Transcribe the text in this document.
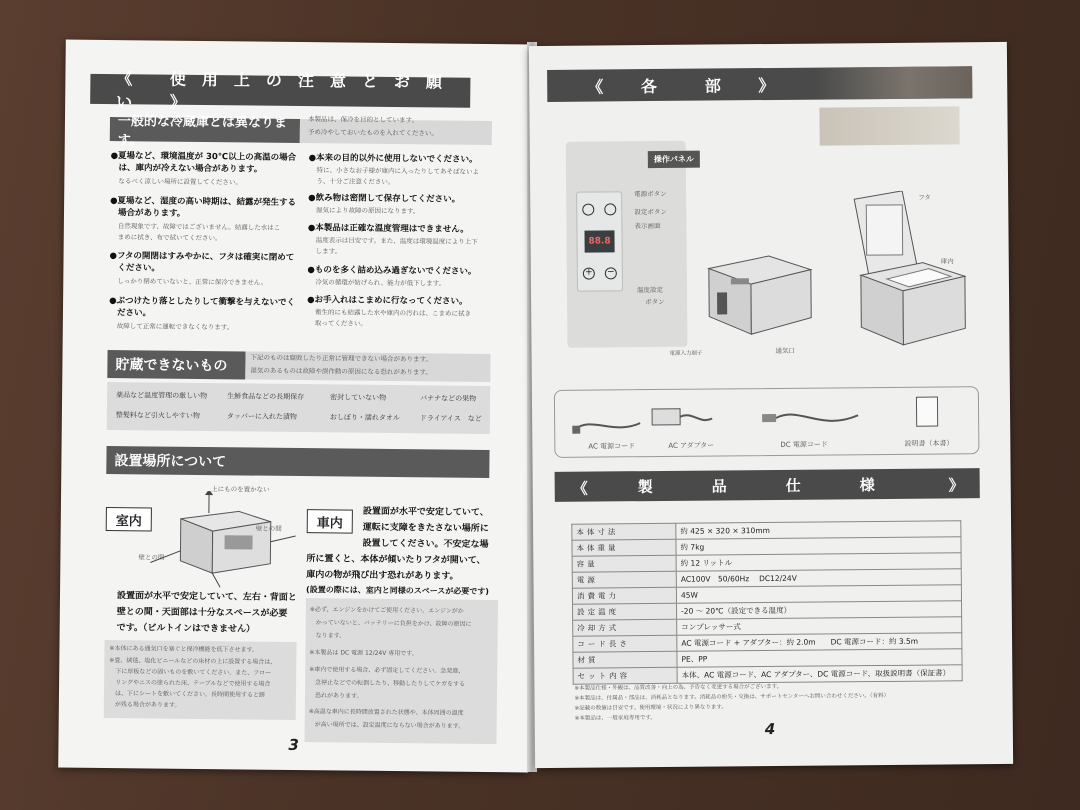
《 使用上の注意とお願い 》
一般的な冷蔵庫とは異なります。
本製品は、保冷を目的としています。
予め冷やしておいたものを入れてください。
●夏場など、環境温度が 30℃以上の高温の場合
は、庫内が冷えない場合があります。
なるべく涼しい場所に設置してください。
●夏場など、湿度の高い時期は、結露が発生する
場合があります。
自然現象です、故障ではございません。結露した水はこ
まめに拭き、布で拭いてください。
●フタの開閉はすみやかに、フタは確実に閉めて
ください。
しっかり閉めていないと、正常に保冷できません。
●ぶつけたり落としたりして衝撃を与えないでく
ださい。
故障して正常に運転できなくなります。
●本来の目的以外に使用しないでください。
特に、小さなお子様が庫内に入ったりしてあそばないよ
う、十分ご注意ください。
●飲み物は密閉して保存してください。
湿気により故障の原因になります。
●本製品は正確な温度管理はできません。
温度表示は目安です。また、温度は環境温度により上下
します。
●ものを多く詰め込み過ぎないでください。
冷気の循環が妨げられ、能力が低下します。
●お手入れはこまめに行なってください。
衛生的にも結露した水や庫内の汚れは、こまめに拭き
取ってください。
貯蔵できないもの	下記のものは腐敗したり正常に管理できない場合があります。
湿気のあるものは故障や誤作動の原因になる恐れがあります。
薬品など温度管理の厳しい物	生鮮食品などの長期保存	密封していない物	バナナなどの果物
整髪料など引火しやすい物	タッパーに入れた漬物	おしぼり・濡れタオル	ドライアイス　など
設置場所について
上にものを置かない
壁との間
壁との間
室内	車内
設置面が水平で安定していて、
運転に支障をきたさない場所に
設置してください。不安定な場
所に置くと、本体が傾いたりフタが開いて、
庫内の物が飛び出す恐れがあります。
(設置の際には、室内と同様のスペースが必要です)
設置面が水平で安定していて、左右・背面と
壁との間・天面部は十分なスペースが必要
です。（ビルトインはできません）
※本体にある通気口を塞ぐと保冷機能を低下させます。
※畳、絨毯、塩化ビニールなどの床材の上に設置する場合は、
下に厚板などの固いものを敷いてください。また、フロー
リングやニスの塗られた床、テーブルなどで使用する場合
は、下にシートを敷いてください。長時間使用すると跡
が残る場合があります。
※必ず、エンジンをかけてご使用ください。エンジンがか
かっていないと、バッテリーに負担をかけ、故障の原因に
なります。
※本製品は DC 電源 12/24V 専用です。
※車内で使用する場合、必ず固定してください。急発進、
急停止などでの転倒したり、移動したりしてケガをする
恐れがあります。
※高温な車内に長時間放置された状態や、本体周囲の温度
が高い場所では、設定温度にならない場合があります。
3
《 各　部 》
操作パネル
88.8
+ −
電源ボタン
設定ボタン
表示画面
温度設定
ボタン
フタ
庫内
電源入力端子	通気口
AC 電源コード	AC アダプター	DC 電源コード	説明書（本書）
製　品　仕　様
《	》
※本製品仕様・外観は、品質改善・向上の為、予告なく変更する場合がございます。
※本製品は、付属品・部品は、消耗品となります。消耗品の紛失・交換は、サポートセンターへお問い合わせください。（有料）
※記載の数値は目安です。使用環境・状況により異なります。
※本製品は、一般家庭専用です。
4
本体寸法	約 425 × 320 × 310mm
本体重量	約 7kg
容量	約 12 リットル
電源	AC100V　50/60Hz　 DC12/24V
消費電力	45W
設定温度	-20 ～ 20℃（設定できる温度）
冷却方式	コンプレッサー式
コード長さ	AC 電源コード + アダプター：約 2.0m　　DC 電源コード：約 3.5m
材質	PE、PP
セット内容	本体、AC 電源コード、AC アダプター、DC 電源コード、取扱説明書（保証書）
